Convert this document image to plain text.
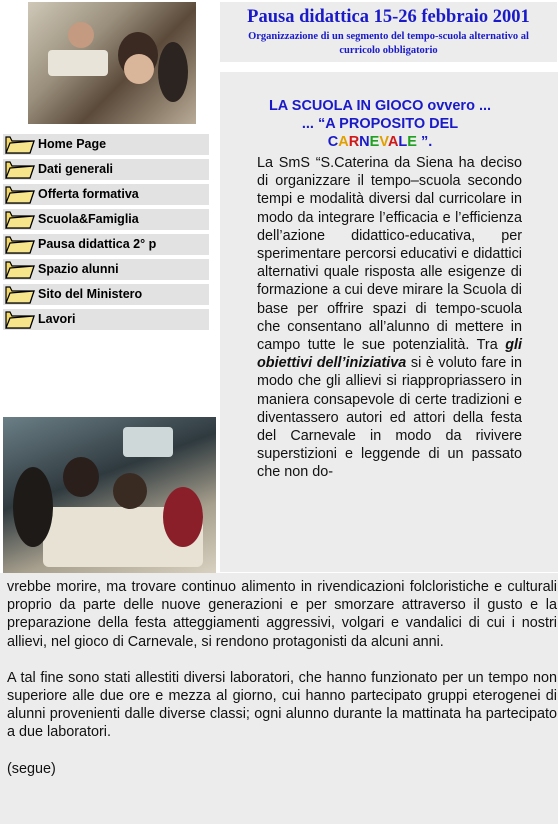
Pausa didattica 15-26 febbraio 2001
Organizzazione di un segmento del tempo-scuola alternativo al curricolo obbligatorio
Home Page
Dati generali
Offerta formativa
Scuola&Famiglia
Pausa didattica 2° p
Spazio alunni
Sito del Ministero
Lavori
LA SCUOLA IN GIOCO ovvero ...
... “A PROPOSITO DEL
CARNEVALE ”.
La SmS “S.Caterina da Siena ha deciso di organizzare il tempo–scuola secondo tempi e modalità diversi dal curricolare in modo da integrare l’efficacia e l’efficienza dell’azione didattico-educativa, per sperimentare percorsi educativi e didattici alternativi quale risposta alle esigenze di formazione a cui deve mirare la Scuola di base per offrire spazi di tempo-scuola che consentano all’alunno di mettere in campo tutte le sue potenzialità. Tra gli obiettivi dell’iniziativa si è voluto fare in modo che gli allievi si riappropriassero in maniera consapevole di certe tradizioni e diventassero autori ed attori della festa del Carnevale in modo da rivivere superstizioni e leggende di un passato che non do-

vrebbe morire, ma trovare continuo alimento in rivendicazioni folcloristiche e culturali proprio da parte delle nuove generazioni e per smorzare attraverso il gusto e la preparazione della festa atteggiamenti aggressivi, volgari e vandalici di cui i nostri allievi, nel gioco di Carnevale, si rendono protagonisti da alcuni anni.

A tal fine sono stati allestiti diversi laboratori, che hanno funzionato per un tempo non superiore alle due ore e mezza al giorno, cui hanno partecipato gruppi eterogenei di alunni provenienti dalle diverse classi; ogni alunno durante la mattinata ha partecipato a due laboratori.

(segue)
